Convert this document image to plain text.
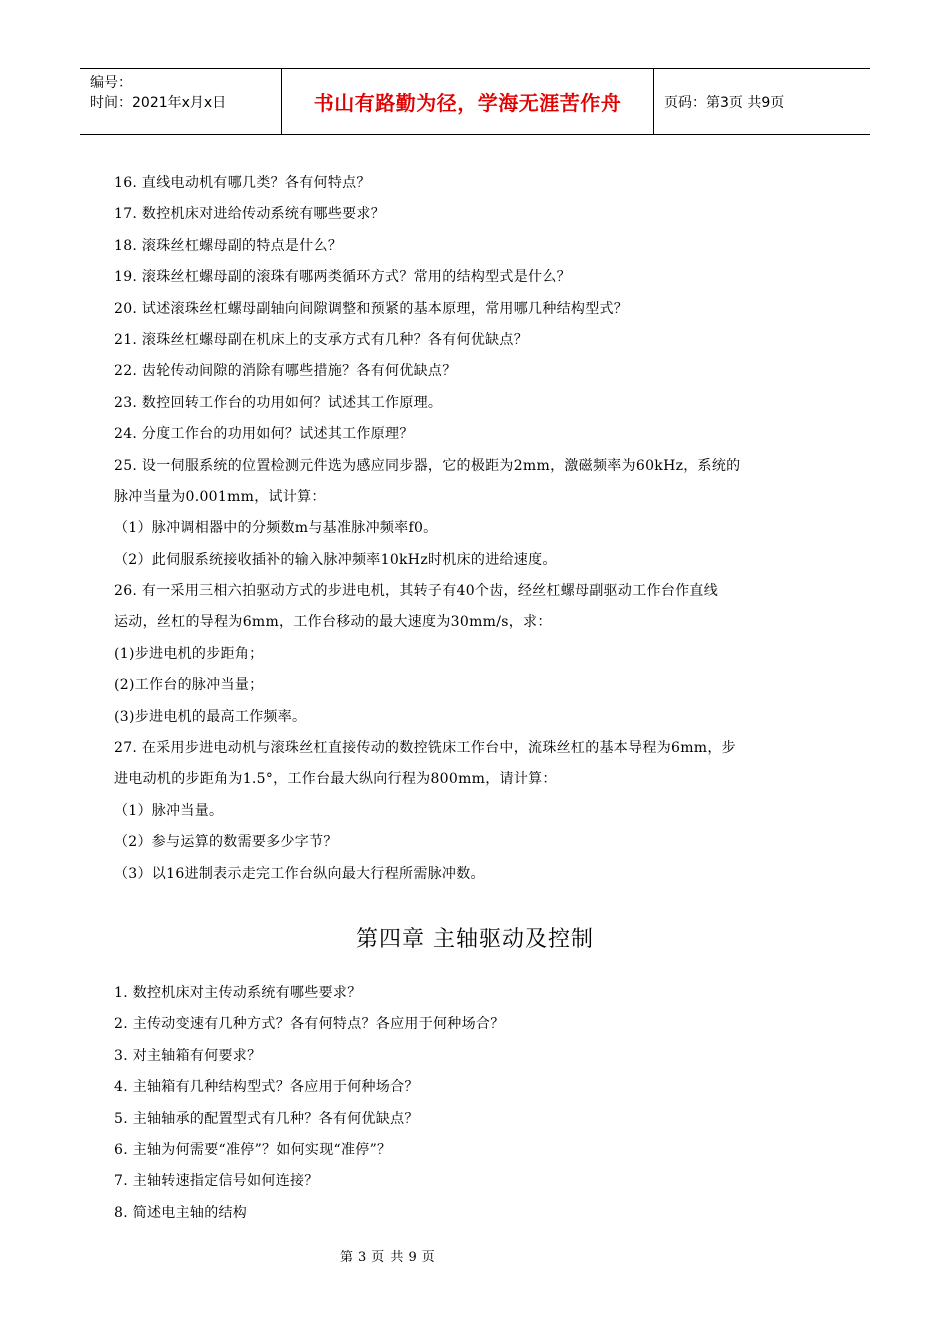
编号：
时间：2021年x月x日	书山有路勤为径，学海无涯苦作舟	页码：第3页 共9页
16. 直线电动机有哪几类？各有何特点？
17. 数控机床对进给传动系统有哪些要求？
18. 滚珠丝杠螺母副的特点是什么？
19. 滚珠丝杠螺母副的滚珠有哪两类循环方式？常用的结构型式是什么？
20. 试述滚珠丝杠螺母副轴向间隙调整和预紧的基本原理，常用哪几种结构型式？
21. 滚珠丝杠螺母副在机床上的支承方式有几种？各有何优缺点？
22. 齿轮传动间隙的消除有哪些措施？各有何优缺点？
23. 数控回转工作台的功用如何？试述其工作原理。
24. 分度工作台的功用如何？试述其工作原理？
25. 设一伺服系统的位置检测元件选为感应同步器，它的极距为2mm，激磁频率为60kHz，系统的
脉冲当量为0.001mm，试计算：
（1）脉冲调相器中的分频数m与基准脉冲频率f0。
（2）此伺服系统接收插补的输入脉冲频率10kHz时机床的进给速度。
26. 有一采用三相六拍驱动方式的步进电机，其转子有40个齿，经丝杠螺母副驱动工作台作直线
运动，丝杠的导程为6mm，工作台移动的最大速度为30mm/s，求：
(1)步进电机的步距角；
(2)工作台的脉冲当量；
(3)步进电机的最高工作频率。
27. 在采用步进电动机与滚珠丝杠直接传动的数控铣床工作台中，流珠丝杠的基本导程为6mm，步
进电动机的步距角为1.5°，工作台最大纵向行程为800mm，请计算：
（1）脉冲当量。
（2）参与运算的数需要多少字节？
（3）以16进制表示走完工作台纵向最大行程所需脉冲数。
第四章 主轴驱动及控制
1. 数控机床对主传动系统有哪些要求？
2. 主传动变速有几种方式？各有何特点？各应用于何种场合？
3. 对主轴箱有何要求？
4. 主轴箱有几种结构型式？各应用于何种场合？
5. 主轴轴承的配置型式有几种？各有何优缺点？
6. 主轴为何需要“准停”？如何实现“准停”？
7. 主轴转速指定信号如何连接？
8. 简述电主轴的结构
第 3 页 共 9 页
